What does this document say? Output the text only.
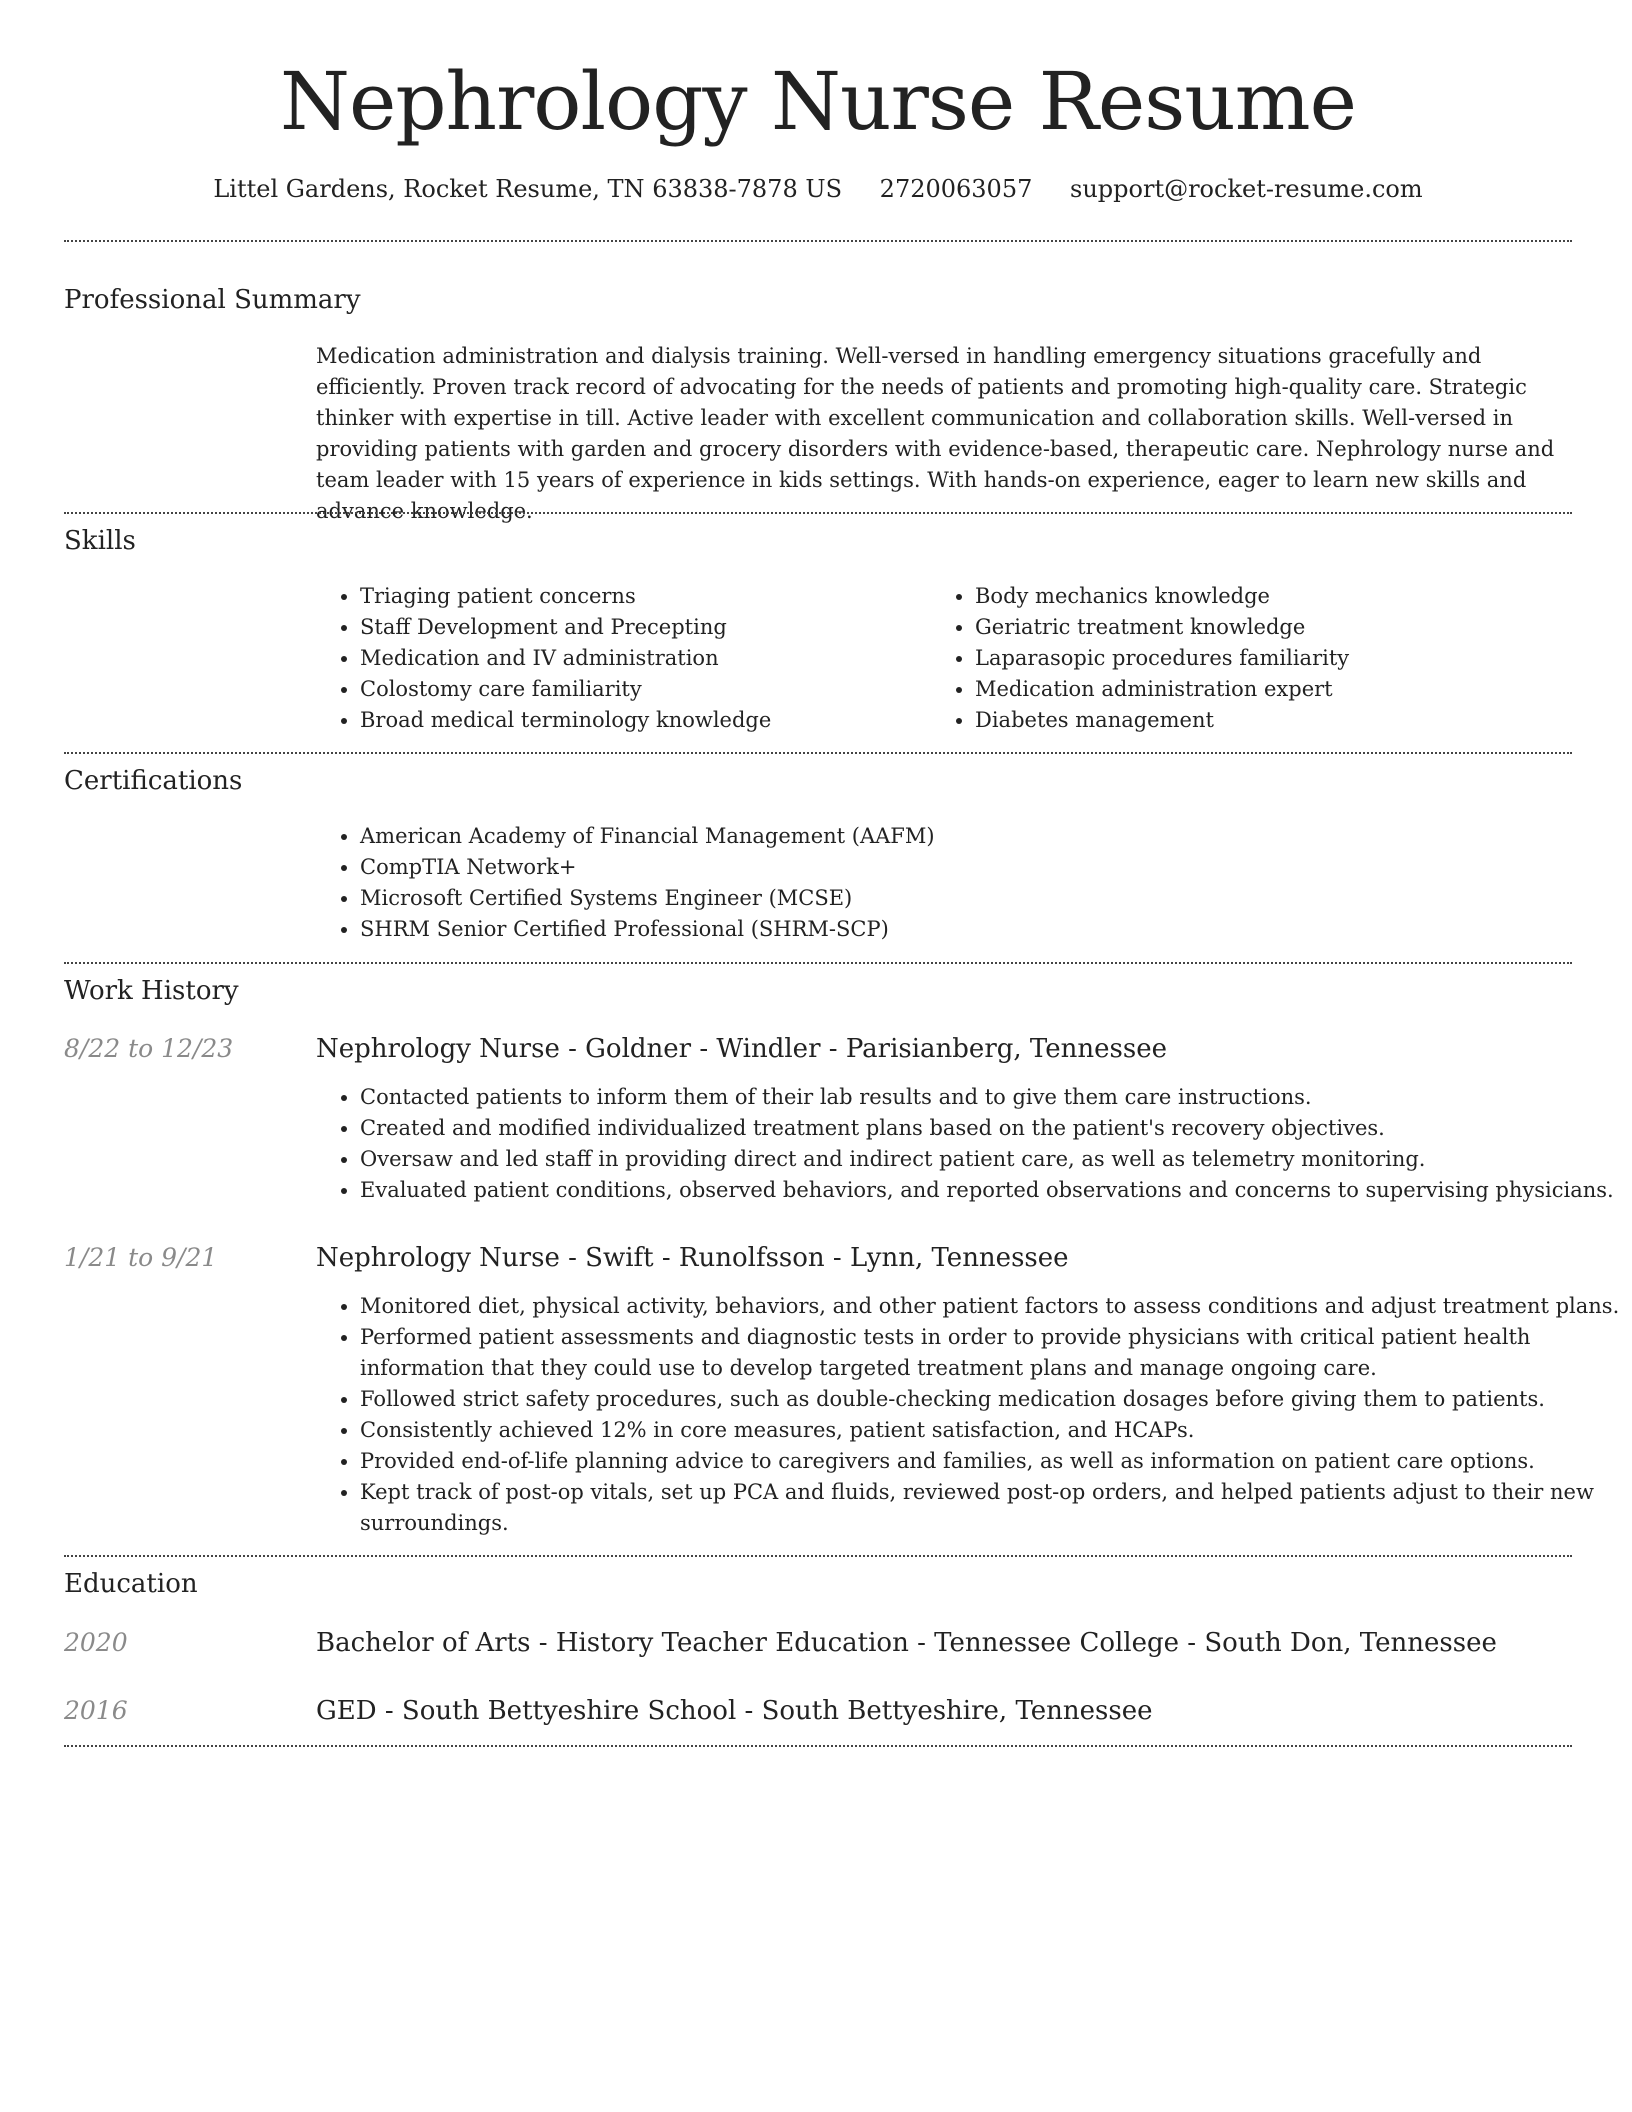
Nephrology Nurse Resume
Littel Gardens, Rocket Resume, TN 63838-7878 US 2720063057 support@rocket-resume.com
Professional Summary

Medication administration and dialysis training. Well-versed in handling emergency situations gracefully and efficiently. Proven track record of advocating for the needs of patients and promoting high-quality care. Strategic thinker with expertise in till. Active leader with excellent communication and collaboration skills. Well-versed in providing patients with garden and grocery disorders with evidence-based, therapeutic care. Nephrology nurse and team leader with 15 years of experience in kids settings. With hands-on experience, eager to learn new skills and advance knowledge.

Skills
• Triaging patient concerns
• Staff Development and Precepting
• Medication and IV administration
• Colostomy care familiarity
• Broad medical terminology knowledge
• Body mechanics knowledge
• Geriatric treatment knowledge
• Laparasopic procedures familiarity
• Medication administration expert
• Diabetes management
Certifications
• American Academy of Financial Management (AAFM)
• CompTIA Network+
• Microsoft Certified Systems Engineer (MCSE)
• SHRM Senior Certified Professional (SHRM-SCP)
Work History
8/22 to 12/23	Nephrology Nurse - Goldner - Windler - Parisianberg, Tennessee
• Contacted patients to inform them of their lab results and to give them care instructions.
• Created and modified individualized treatment plans based on the patient's recovery objectives.
• Oversaw and led staff in providing direct and indirect patient care, as well as telemetry monitoring.
• Evaluated patient conditions, observed behaviors, and reported observations and concerns to supervising physicians.
1/21 to 9/21	Nephrology Nurse - Swift - Runolfsson - Lynn, Tennessee
• Monitored diet, physical activity, behaviors, and other patient factors to assess conditions and adjust treatment plans.
• Performed patient assessments and diagnostic tests in order to provide physicians with critical patient health information that they could use to develop targeted treatment plans and manage ongoing care.
• Followed strict safety procedures, such as double-checking medication dosages before giving them to patients.
• Consistently achieved 12% in core measures, patient satisfaction, and HCAPs.
• Provided end-of-life planning advice to caregivers and families, as well as information on patient care options.
• Kept track of post-op vitals, set up PCA and fluids, reviewed post-op orders, and helped patients adjust to their new surroundings.
Education
2020	Bachelor of Arts - History Teacher Education - Tennessee College - South Don, Tennessee
2016	GED - South Bettyeshire School - South Bettyeshire, Tennessee
